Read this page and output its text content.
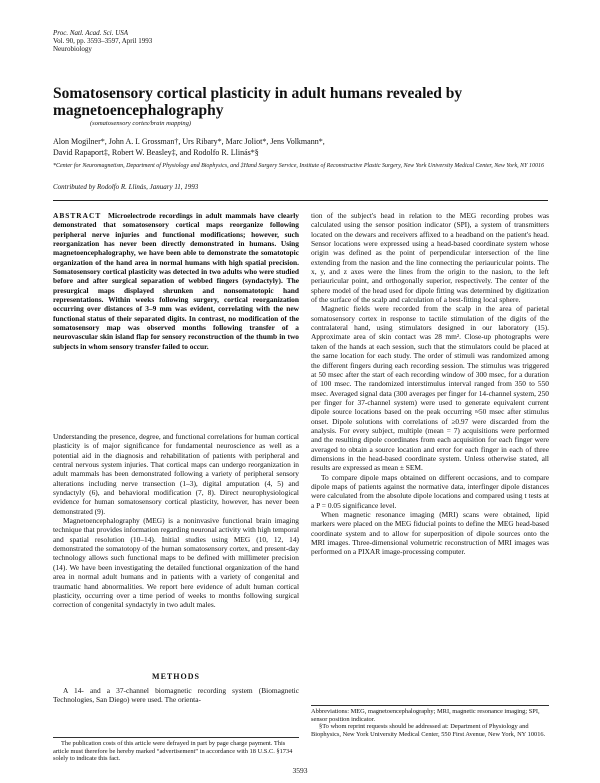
Proc. Natl. Acad. Sci. USA
Vol. 90, pp. 3593–3597, April 1993
Neurobiology
Somatosensory cortical plasticity in adult humans revealed by magnetoencephalography
(somatosensory cortex/brain mapping)
Alon Mogilner*, John A. I. Grossman†, Urs Ribary*, Marc Joliot*, Jens Volkmann*,
David Rapaport‡, Robert W. Beasley‡, and Rodolfo R. Llinás*§
*Center for Neuromagnetism, Department of Physiology and Biophysics, and ‡Hand Surgery Service, Institute of Reconstructive Plastic Surgery, New York University Medical Center, New York, NY 10016
Contributed by Rodolfo R. Llinás, January 11, 1993

ABSTRACT Microelectrode recordings in adult mammals have clearly demonstrated that somatosensory cortical maps reorganize following peripheral nerve injuries and functional modifications; however, such reorganization has never been directly demonstrated in humans. Using magnetoencephalography, we have been able to demonstrate the somatotopic organization of the hand area in normal humans with high spatial precision. Somatosensory cortical plasticity was detected in two adults who were studied before and after surgical separation of webbed fingers (syndactyly). The presurgical maps displayed shrunken and nonsomatotopic hand representations. Within weeks following surgery, cortical reorganization occurring over distances of 3–9 mm was evident, correlating with the new functional status of their separated digits. In contrast, no modification of the somatosensory map was observed months following transfer of a neurovascular skin island flap for sensory reconstruction of the thumb in two subjects in whom sensory transfer failed to occur.

Understanding the presence, degree, and functional correlations for human cortical plasticity is of major significance for fundamental neuroscience as well as a potential aid in the diagnosis and rehabilitation of patients with peripheral and central nervous system injuries. That cortical maps can undergo reorganization in adult mammals has been demonstrated following a variety of peripheral sensory alterations including nerve transection (1–3), digital amputation (4, 5) and syndactyly (6), and behavioral modification (7, 8). Direct neurophysiological evidence for human somatosensory cortical plasticity, however, has never been demonstrated (9).

Magnetoencephalography (MEG) is a noninvasive functional brain imaging technique that provides information regarding neuronal activity with high temporal and spatial resolution (10–14). Initial studies using MEG (10, 12, 14) demonstrated the somatotopy of the human somatosensory cortex, and present-day technology allows such functional maps to be defined with millimeter precision (14). We have been investigating the detailed functional organization of the hand area in normal adult humans and in patients with a variety of congenital and traumatic hand abnormalities. We report here evidence of adult human cortical plasticity, occurring over a time period of weeks to months following surgical correction of congenital syndactyly in two adult males.

METHODS

A 14- and a 37-channel biomagnetic recording system (Biomagnetic Technologies, San Diego) were used. The orienta-

The publication costs of this article were defrayed in part by page charge payment. This article must therefore be hereby marked “advertisement” in accordance with 18 U.S.C. §1734 solely to indicate this fact.

tion of the subject's head in relation to the MEG recording probes was calculated using the sensor position indicator (SPI), a system of transmitters located on the dewars and receivers affixed to a headband on the patient's head. Sensor locations were expressed using a head-based coordinate system whose origin was defined as the point of perpendicular intersection of the line extending from the nasion and the line connecting the periauricular points. The x, y, and z axes were the lines from the origin to the nasion, to the left periauricular point, and orthogonally superior, respectively. The center of the sphere model of the head used for dipole fitting was determined by digitization of the surface of the scalp and calculation of a best-fitting local sphere.

Magnetic fields were recorded from the scalp in the area of parietal somatosensory cortex in response to tactile stimulation of the digits of the contralateral hand, using stimulators designed in our laboratory (15). Approximate area of skin contact was 28 mm². Close-up photographs were taken of the hands at each session, such that the stimulators could be placed at the same location for each study. The order of stimuli was randomized among the different fingers during each recording session. The stimulus was triggered at 50 msec after the start of each recording window of 300 msec, for a duration of 100 msec. The randomized interstimulus interval ranged from 350 to 550 msec. Averaged signal data (300 averages per finger for 14-channel system, 250 per finger for 37-channel system) were used to generate equivalent current dipole source locations based on the peak occurring ≈50 msec after stimulus onset. Dipole solutions with correlations of ≥0.97 were discarded from the analysis. For every subject, multiple (mean = 7) acquisitions were performed and the resulting dipole coordinates from each acquisition for each finger were averaged to obtain a source location and error for each finger in each of three dimensions in the head-based coordinate system. Unless otherwise stated, all results are expressed as mean ± SEM.

To compare dipole maps obtained on different occasions, and to compare dipole maps of patients against the normative data, interfinger dipole distances were calculated from the absolute dipole locations and compared using t tests at a P = 0.05 significance level.

When magnetic resonance imaging (MRI) scans were obtained, lipid markers were placed on the MEG fiducial points to define the MEG head-based coordinate system and to allow for superposition of dipole sources onto the MRI images. Three-dimensional volumetric reconstruction of MRI images was performed on a PIXAR image-processing computer.

Abbreviations: MEG, magnetoencephalography; MRI, magnetic resonance imaging; SPI, sensor position indicator.

§To whom reprint requests should be addressed at: Department of Physiology and Biophysics, New York University Medical Center, 550 First Avenue, New York, NY 10016.

3593
